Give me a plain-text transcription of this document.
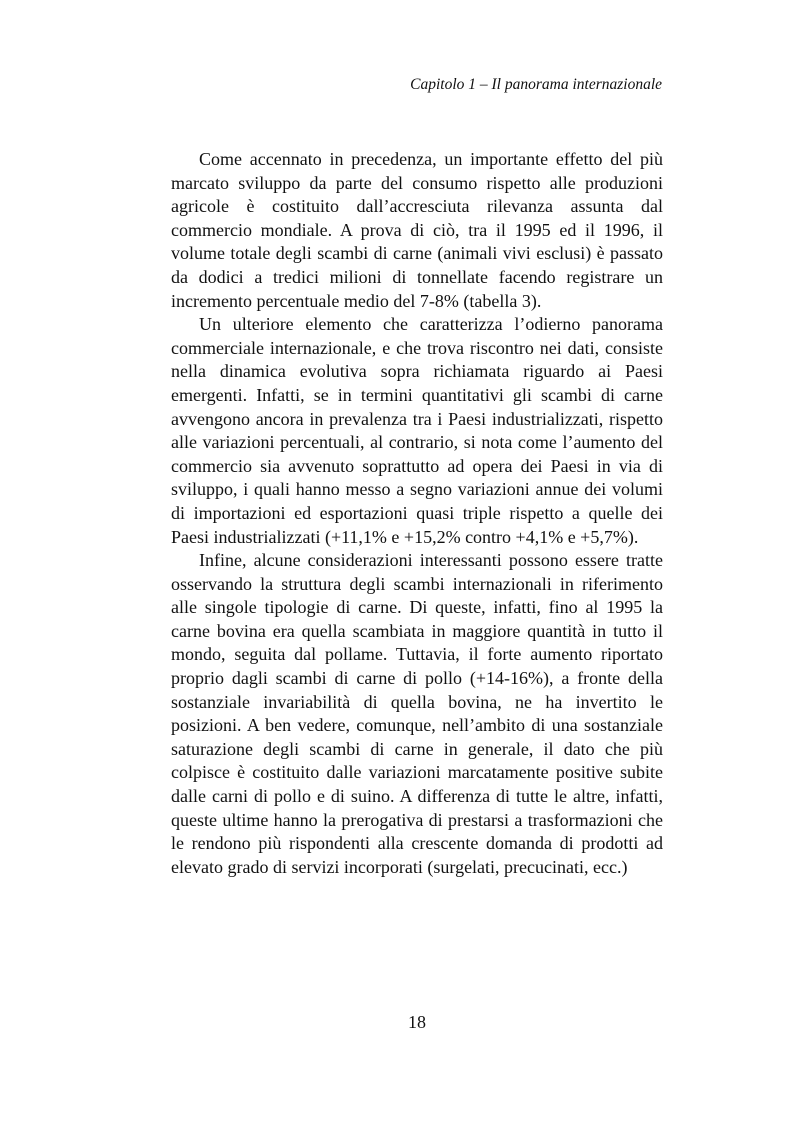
Capitolo 1 – Il panorama internazionale

Come accennato in precedenza, un importante effetto del più marcato sviluppo da parte del consumo rispetto alle produzioni agricole è costituito dall’accresciuta rilevanza assunta dal commercio mondiale. A prova di ciò, tra il 1995 ed il 1996, il volume totale degli scambi di carne (animali vivi esclusi) è passato da dodici a tredici milioni di tonnellate facendo registrare un incremento percentuale medio del 7-8% (tabella 3).

Un ulteriore elemento che caratterizza l’odierno panorama commerciale internazionale, e che trova riscontro nei dati, consiste nella dinamica evolutiva sopra richiamata riguardo ai Paesi emergenti. Infatti, se in termini quantitativi gli scambi di carne avvengono ancora in prevalenza tra i Paesi industrializzati, rispetto alle variazioni percentuali, al contrario, si nota come l’aumento del commercio sia avvenuto soprattutto ad opera dei Paesi in via di sviluppo, i quali hanno messo a segno variazioni annue dei volumi di importazioni ed esportazioni quasi triple rispetto a quelle dei Paesi industrializzati (+11,1% e +15,2% contro +4,1% e +5,7%).

Infine, alcune considerazioni interessanti possono essere tratte osservando la struttura degli scambi internazionali in riferimento alle singole tipologie di carne. Di queste, infatti, fino al 1995 la carne bovina era quella scambiata in maggiore quantità in tutto il mondo, seguita dal pollame. Tuttavia, il forte aumento riportato proprio dagli scambi di carne di pollo (+14-16%), a fronte della sostanziale invariabilità di quella bovina, ne ha invertito le posizioni. A ben vedere, comunque, nell’ambito di una sostanziale saturazione degli scambi di carne in generale, il dato che più colpisce è costituito dalle variazioni marcatamente positive subite dalle carni di pollo e di suino. A differenza di tutte le altre, infatti, queste ultime hanno la prerogativa di prestarsi a trasformazioni che le rendono più rispondenti alla crescente domanda di prodotti ad elevato grado di servizi incorporati (surgelati, precucinati, ecc.)

18
